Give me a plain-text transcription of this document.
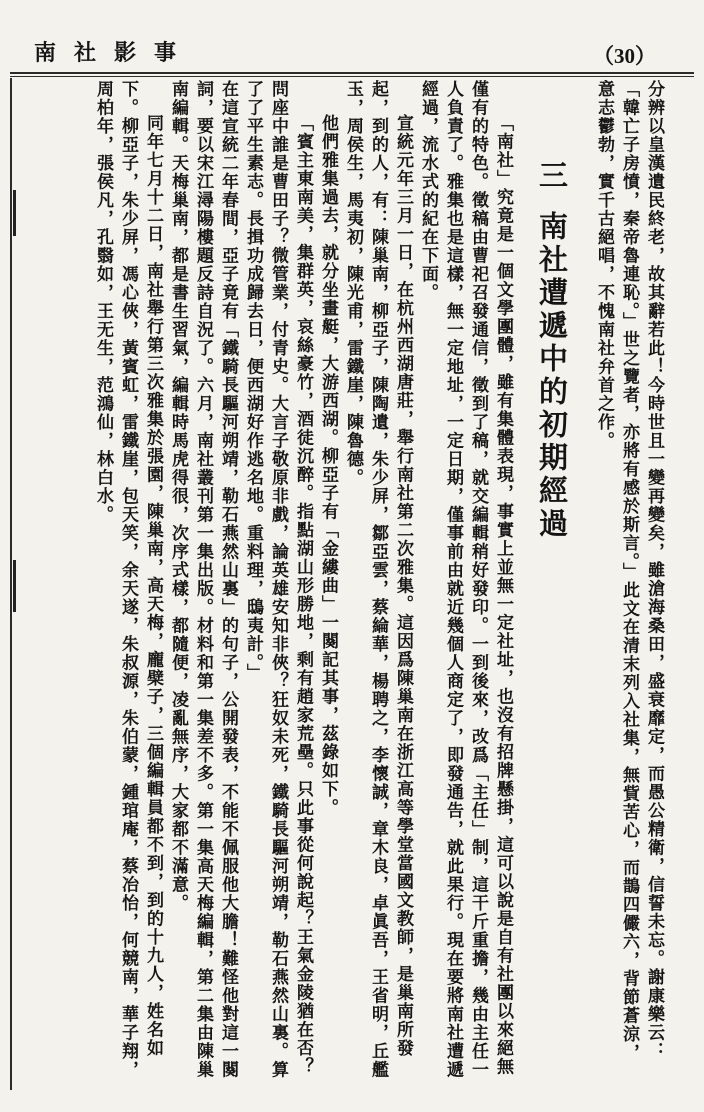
南社影事	（30）

分辨以皇漢遺民終老，故其辭若此！今時世且一變再變矣，雖滄海桑田，盛衰靡定，而愚公精衛，信誓未忘。謝康樂云：「韓亡子房憤，秦帝魯連恥。」世之覽者，亦將有感於斯言。」此文在清末列入社集，無貲苦心，而鵲四儼六，背節蒼涼，意志鬱勃，實千古絕唱，不愧南社弁首之作。

三南社遭遞中的初期經過

「南社」究竟是一個文學團體，雖有集體表現，事實上並無一定社址，也沒有招牌懸掛，這可以說是自有社團以來絕無僅有的特色。徵稿由曹祀召發通信，徵到了稿，就交編輯稍好發印。一到後來，改爲「主任」制，這干斤重擔，幾由主任一人負責了。雅集也是這樣，無一定地址，一定日期，僅事前由就近幾個人商定了，即發通告，就此果行。現在要將南社遭遞經過，流水式的紀在下面。

宣統元年三月一日，在杭州西湖唐莊，舉行南社第二次雅集。這因爲陳巢南在浙江高等學堂當國文教師，是巢南所發起，到的人，有：陳巢南，柳亞子，陳陶遺，朱少屏，鄒亞雲，蔡綸華，楊聘之，李懷誠，章木良，卓眞吾，王省明，丘艦玉，周侯生，馬夷初，陳光甫，雷鐵崖，陳魯德。

他們雅集過去，就分坐畫艇，大游西湖。柳亞子有「金縷曲」一闋記其事，茲錄如下。

「賓主東南美，集群英，哀絲豪竹，酒徒沉醉。指點湖山形勝地，剩有趙家荒壘。只此事從何說起？王氣金陵猶在否？問座中誰是曹田子？微管業，付青史。大言子敬原非戲，論英雄安知非俠？狂奴未死，鐵騎長驅河朔靖，勒石燕然山裏。算了了平生素志。長揖功成歸去日，便西湖好作逃名地。重料理，鴟夷計。」

在這宣統二年春間，亞子竟有「鐵騎長驅河朔靖，勒石燕然山裏」的句子，公開發表，不能不佩服他大膽！難怪他對這一闋詞，要以宋江潯陽樓題反詩自況了。六月，南社叢刊第一集出版。材料和第一集差不多。第一集高天梅編輯，第二集由陳巢南編輯。天梅巢南，都是書生習氣，編輯時馬虎得很，次序式樣，都隨便，凌亂無序，大家都不滿意。

同年七月十二日，南社舉行第三次雅集於張園，陳巢南，高天梅，龐檗子，三個編輯員都不到，到的十九人，姓名如下。柳亞子，朱少屏，馮心俠，黃賓虹，雷鐵崖，包天笑，余天遂，朱叔源，朱伯蒙，鍾琯庵，蔡冶怡，何競南，華子翔，周柏年，張侯凡，孔翳如，王无生，范鴻仙，林白水。
